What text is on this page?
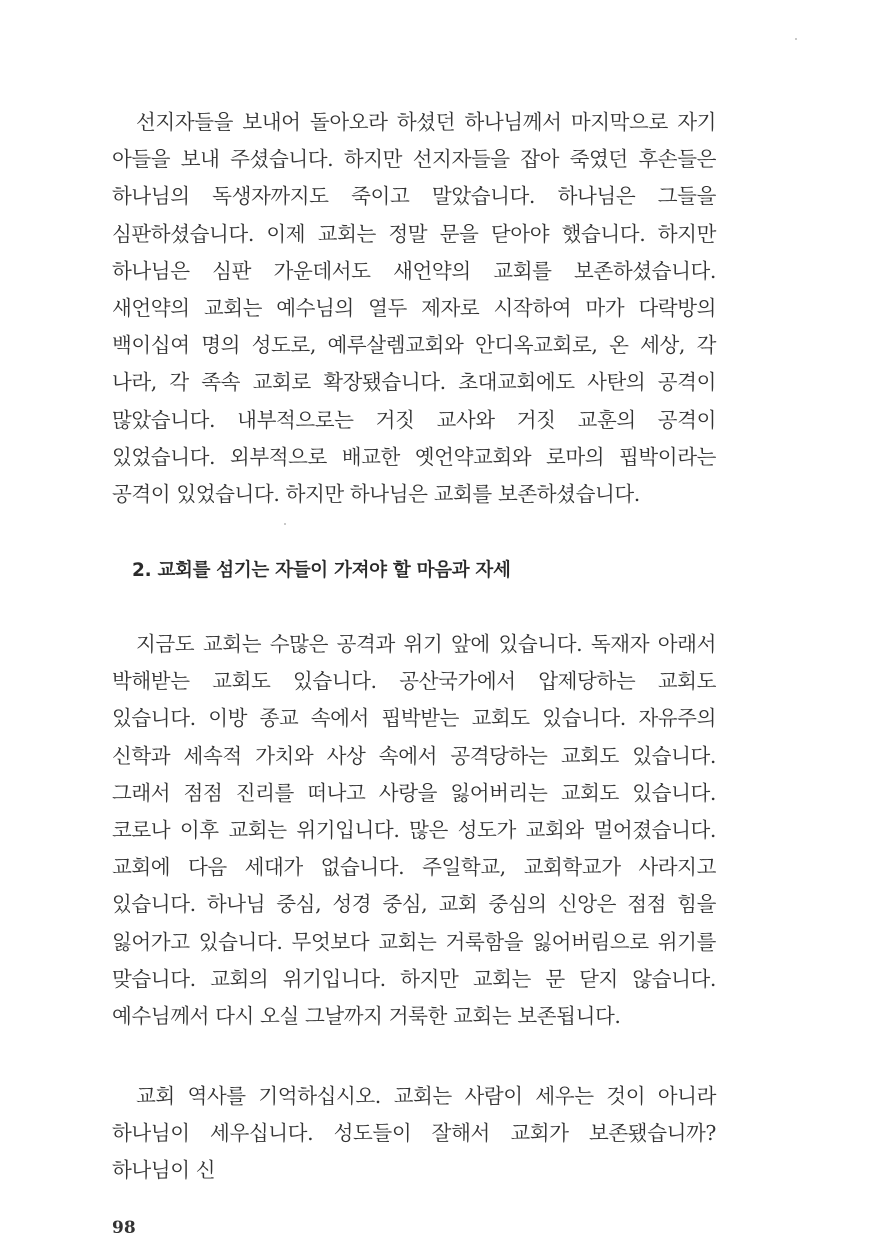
선지자들을 보내어 돌아오라 하셨던 하나님께서 마지막으로 자기 아들을 보내 주셨습니다. 하지만 선지자들을 잡아 죽였던 후손들은 하나님의 독생자까지도 죽이고 말았습니다. 하나님은 그들을 심판하셨습니다. 이제 교회는 정말 문을 닫아야 했습니다. 하지만 하나님은 심판 가운데서도 새언약의 교회를 보존하셨습니다. 새언약의 교회는 예수님의 열두 제자로 시작하여 마가 다락방의 백이십여 명의 성도로, 예루살렘교회와 안디옥교회로, 온 세상, 각 나라, 각 족속 교회로 확장됐습니다. 초대교회에도 사탄의 공격이 많았습니다. 내부적으로는 거짓 교사와 거짓 교훈의 공격이 있었습니다. 외부적으로 배교한 옛언약교회와 로마의 핍박이라는 공격이 있었습니다. 하지만 하나님은 교회를 보존하셨습니다.

2. 교회를 섬기는 자들이 가져야 할 마음과 자세

지금도 교회는 수많은 공격과 위기 앞에 있습니다. 독재자 아래서 박해받는 교회도 있습니다. 공산국가에서 압제당하는 교회도 있습니다. 이방 종교 속에서 핍박받는 교회도 있습니다. 자유주의 신학과 세속적 가치와 사상 속에서 공격당하는 교회도 있습니다. 그래서 점점 진리를 떠나고 사랑을 잃어버리는 교회도 있습니다. 코로나 이후 교회는 위기입니다. 많은 성도가 교회와 멀어졌습니다. 교회에 다음 세대가 없습니다. 주일학교, 교회학교가 사라지고 있습니다. 하나님 중심, 성경 중심, 교회 중심의 신앙은 점점 힘을 잃어가고 있습니다. 무엇보다 교회는 거룩함을 잃어버림으로 위기를 맞습니다. 교회의 위기입니다. 하지만 교회는 문 닫지 않습니다. 예수님께서 다시 오실 그날까지 거룩한 교회는 보존됩니다.

교회 역사를 기억하십시오. 교회는 사람이 세우는 것이 아니라 하나님이 세우십니다. 성도들이 잘해서 교회가 보존됐습니까? 하나님이 신

98
